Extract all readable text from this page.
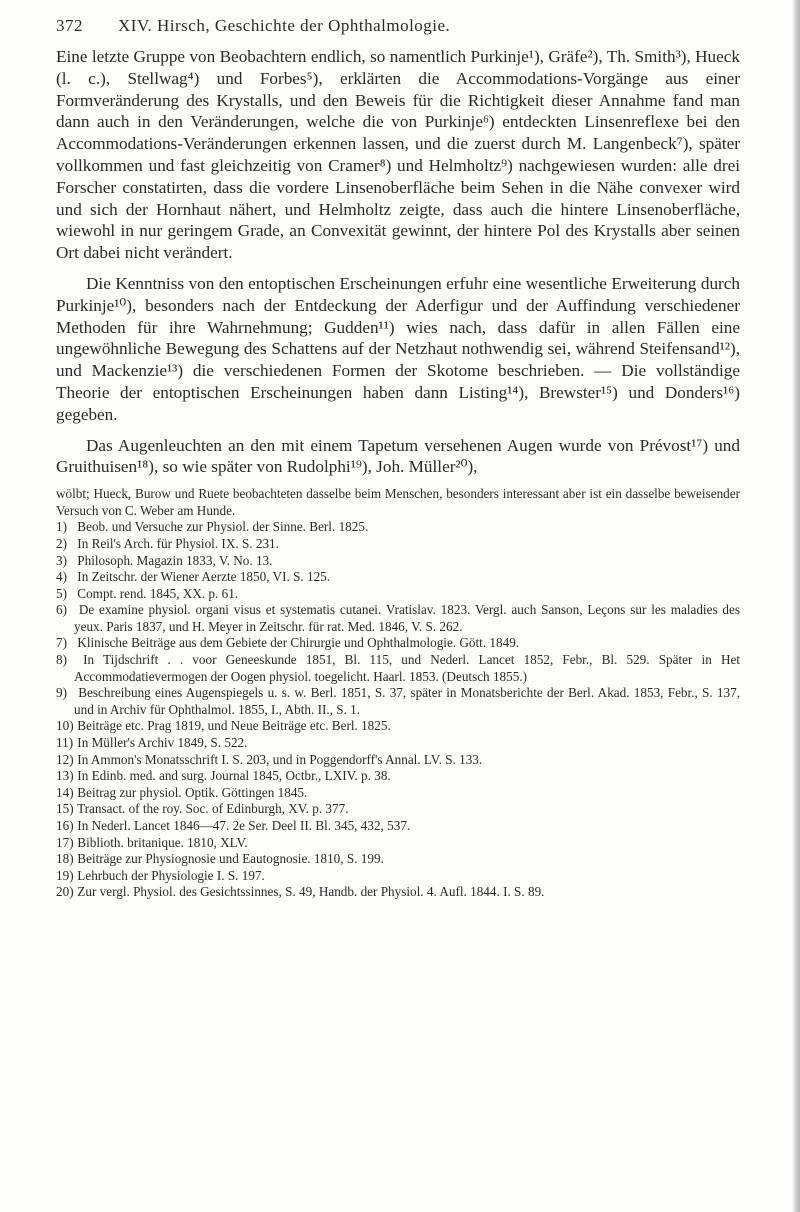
372	XIV. Hirsch, Geschichte der Ophthalmologie.

Eine letzte Gruppe von Beobachtern endlich, so namentlich Purkinje¹), Gräfe²), Th. Smith³), Hueck (l. c.), Stellwag⁴) und Forbes⁵), erklärten die Accommodations-Vorgänge aus einer Formveränderung des Krystalls, und den Beweis für die Richtigkeit dieser Annahme fand man dann auch in den Veränderungen, welche die von Purkinje⁶) entdeckten Linsenreflexe bei den Accommodations-Veränderungen erkennen lassen, und die zuerst durch M. Langenbeck⁷), später vollkommen und fast gleichzeitig von Cramer⁸) und Helmholtz⁹) nachgewiesen wurden: alle drei Forscher constatirten, dass die vordere Linsenoberfläche beim Sehen in die Nähe convexer wird und sich der Hornhaut nähert, und Helmholtz zeigte, dass auch die hintere Linsenoberfläche, wiewohl in nur geringem Grade, an Convexität gewinnt, der hintere Pol des Krystalls aber seinen Ort dabei nicht verändert.

Die Kenntniss von den entoptischen Erscheinungen erfuhr eine wesentliche Erweiterung durch Purkinje¹⁰), besonders nach der Entdeckung der Aderfigur und der Auffindung verschiedener Methoden für ihre Wahrnehmung; Gudden¹¹) wies nach, dass dafür in allen Fällen eine ungewöhnliche Bewegung des Schattens auf der Netzhaut nothwendig sei, während Steifensand¹²), und Mackenzie¹³) die verschiedenen Formen der Skotome beschrieben. — Die vollständige Theorie der entoptischen Erscheinungen haben dann Listing¹⁴), Brewster¹⁵) und Donders¹⁶) gegeben.

Das Augenleuchten an den mit einem Tapetum versehenen Augen wurde von Prévost¹⁷) und Gruithuisen¹⁸), so wie später von Rudolphi¹⁹), Joh. Müller²⁰),

wölbt; Hueck, Burow und Ruete beobachteten dasselbe beim Menschen, besonders interessant aber ist ein dasselbe beweisender Versuch von C. Weber am Hunde.

1) Beob. und Versuche zur Physiol. der Sinne. Berl. 1825.

2) In Reil's Arch. für Physiol. IX. S. 231.

3) Philosoph. Magazin 1833, V. No. 13.

4) In Zeitschr. der Wiener Aerzte 1850, VI. S. 125.

5) Compt. rend. 1845, XX. p. 61.

6) De examine physiol. organi visus et systematis cutanei. Vratislav. 1823. Vergl. auch Sanson, Leçons sur les maladies des yeux. Paris 1837, und H. Meyer in Zeitschr. für rat. Med. 1846, V. S. 262.

7) Klinische Beiträge aus dem Gebiete der Chirurgie und Ophthalmologie. Gött. 1849.

8) In Tijdschrift . . voor Geneeskunde 1851, Bl. 115, und Nederl. Lancet 1852, Febr., Bl. 529. Später in Het Accommodatievermogen der Oogen physiol. toegelicht. Haarl. 1853. (Deutsch 1855.)

9) Beschreibung eines Augenspiegels u. s. w. Berl. 1851, S. 37, später in Monatsberichte der Berl. Akad. 1853, Febr., S. 137, und in Archiv für Ophthalmol. 1855, I., Abth. II., S. 1.

10) Beiträge etc. Prag 1819, und Neue Beiträge etc. Berl. 1825.

11) In Müller's Archiv 1849, S. 522.

12) In Ammon's Monatsschrift I. S. 203, und in Poggendorff's Annal. LV. S. 133.

13) In Edinb. med. and surg. Journal 1845, Octbr., LXIV. p. 38.

14) Beitrag zur physiol. Optik. Göttingen 1845.

15) Transact. of the roy. Soc. of Edinburgh, XV. p. 377.

16) In Nederl. Lancet 1846—47. 2e Ser. Deel II. Bl. 345, 432, 537.

17) Biblioth. britanique. 1810, XLV.

18) Beiträge zur Physiognosie und Eautognosie. 1810, S. 199.

19) Lehrbuch der Physiologie I. S. 197.

20) Zur vergl. Physiol. des Gesichtssinnes, S. 49, Handb. der Physiol. 4. Aufl. 1844. I. S. 89.
